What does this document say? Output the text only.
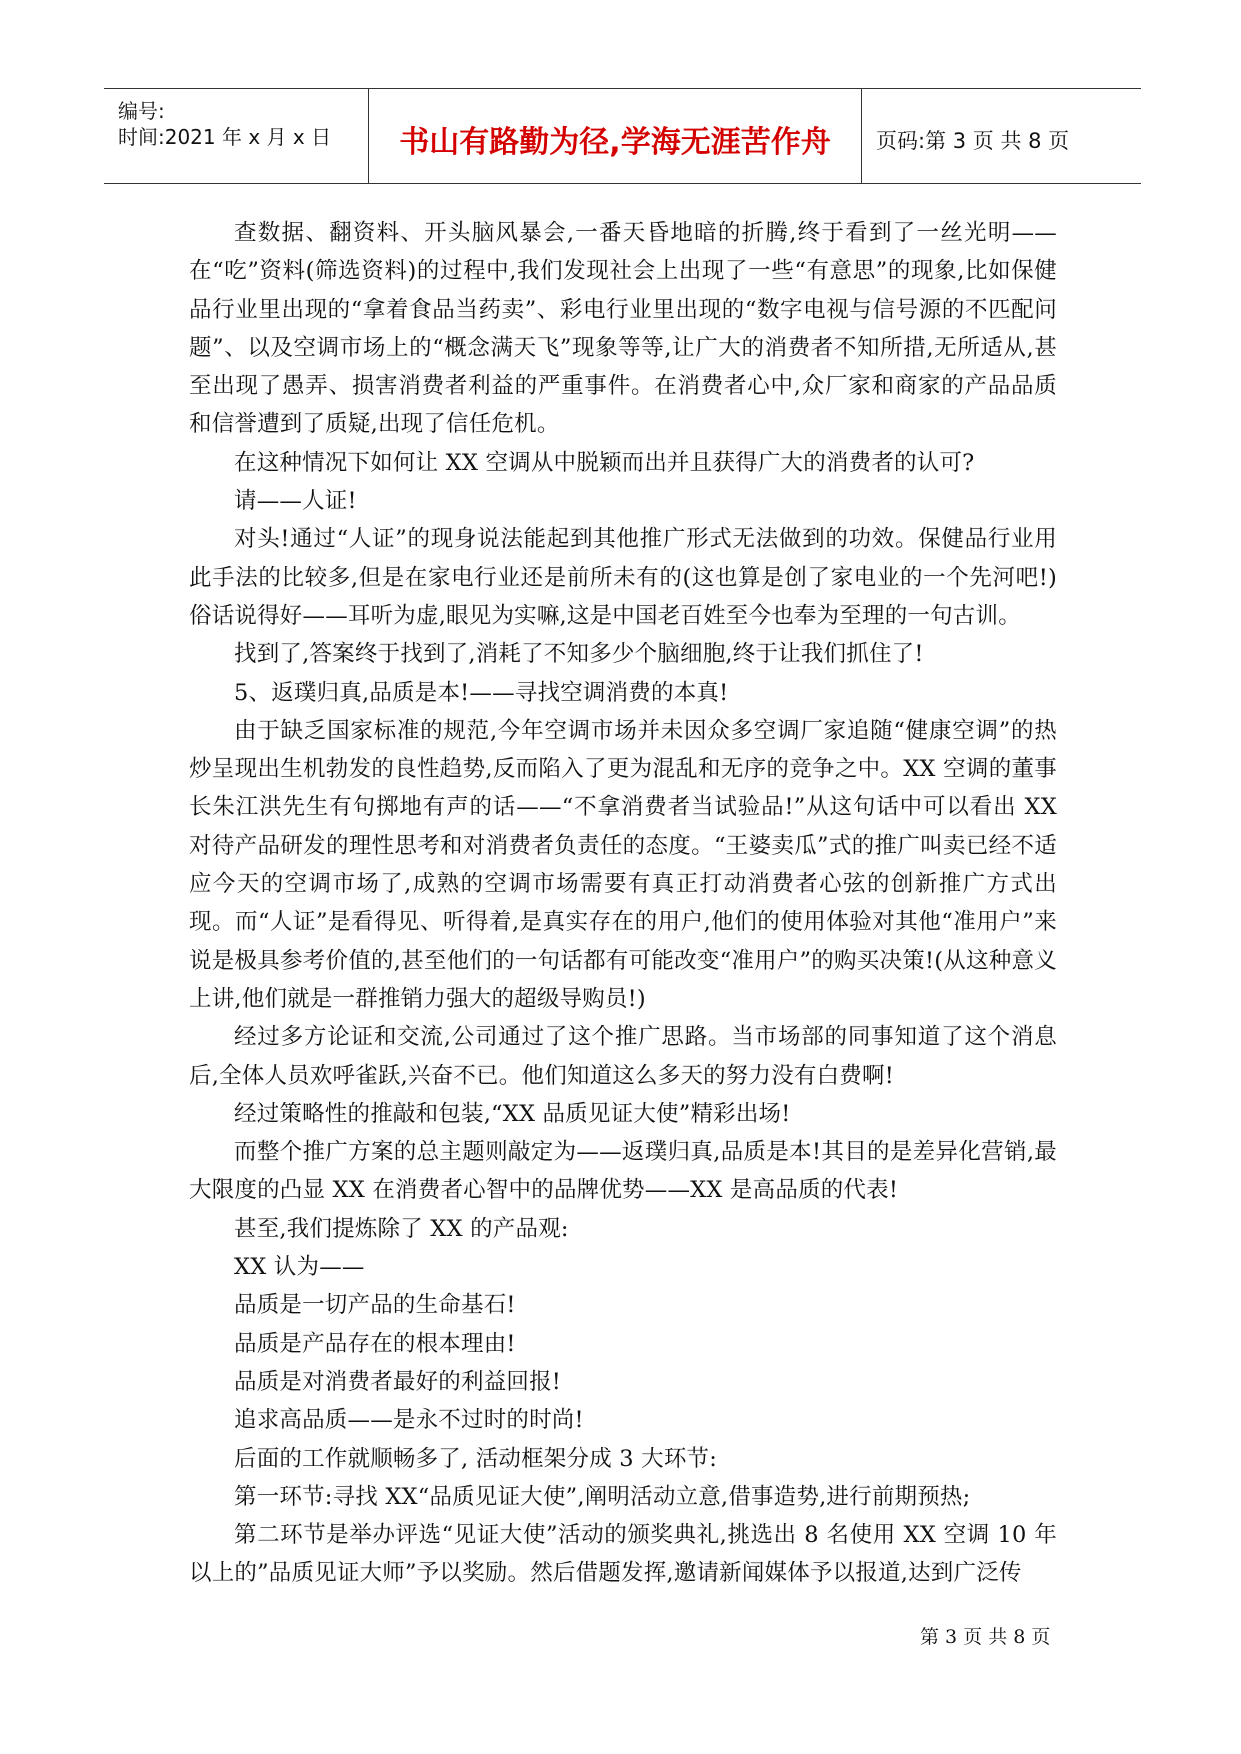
编号:
时间:2021 年 x 月 x 日	书山有路勤为径,学海无涯苦作舟	页码:第 3 页 共 8 页

查数据、翻资料、开头脑风暴会,一番天昏地暗的折腾,终于看到了一丝光明——在“吃”资料(筛选资料)的过程中,我们发现社会上出现了一些“有意思”的现象,比如保健品行业里出现的“拿着食品当药卖”、彩电行业里出现的“数字电视与信号源的不匹配问题”、以及空调市场上的“概念满天飞”现象等等,让广大的消费者不知所措,无所适从,甚至出现了愚弄、损害消费者利益的严重事件。在消费者心中,众厂家和商家的产品品质和信誉遭到了质疑,出现了信任危机。

在这种情况下如何让 XX 空调从中脱颖而出并且获得广大的消费者的认可?

请——人证!

对头!通过“人证”的现身说法能起到其他推广形式无法做到的功效。保健品行业用此手法的比较多,但是在家电行业还是前所未有的(这也算是创了家电业的一个先河吧!)俗话说得好——耳听为虚,眼见为实嘛,这是中国老百姓至今也奉为至理的一句古训。

找到了,答案终于找到了,消耗了不知多少个脑细胞,终于让我们抓住了!

5、返璞归真,品质是本!——寻找空调消费的本真!

由于缺乏国家标准的规范,今年空调市场并未因众多空调厂家追随“健康空调”的热炒呈现出生机勃发的良性趋势,反而陷入了更为混乱和无序的竞争之中。XX 空调的董事长朱江洪先生有句掷地有声的话——“不拿消费者当试验品!”从这句话中可以看出 XX 对待产品研发的理性思考和对消费者负责任的态度。“王婆卖瓜”式的推广叫卖已经不适应今天的空调市场了,成熟的空调市场需要有真正打动消费者心弦的创新推广方式出现。而“人证”是看得见、听得着,是真实存在的用户,他们的使用体验对其他“准用户”来说是极具参考价值的,甚至他们的一句话都有可能改变“准用户”的购买决策!(从这种意义上讲,他们就是一群推销力强大的超级导购员!)

经过多方论证和交流,公司通过了这个推广思路。当市场部的同事知道了这个消息后,全体人员欢呼雀跃,兴奋不已。他们知道这么多天的努力没有白费啊!

经过策略性的推敲和包装,“XX 品质见证大使”精彩出场!

而整个推广方案的总主题则敲定为——返璞归真,品质是本!其目的是差异化营销,最大限度的凸显 XX 在消费者心智中的品牌优势——XX 是高品质的代表!

甚至,我们提炼除了 XX 的产品观:

XX 认为——

品质是一切产品的生命基石!

品质是产品存在的根本理由!

品质是对消费者最好的利益回报!

追求高品质——是永不过时的时尚!

后面的工作就顺畅多了, 活动框架分成 3 大环节:

第一环节:寻找 XX“品质见证大使”,阐明活动立意,借事造势,进行前期预热;

第二环节是举办评选“见证大使”活动的颁奖典礼,挑选出 8 名使用 XX 空调 10 年以上的”品质见证大师”予以奖励。然后借题发挥,邀请新闻媒体予以报道,达到广泛传

第 3 页 共 8 页
